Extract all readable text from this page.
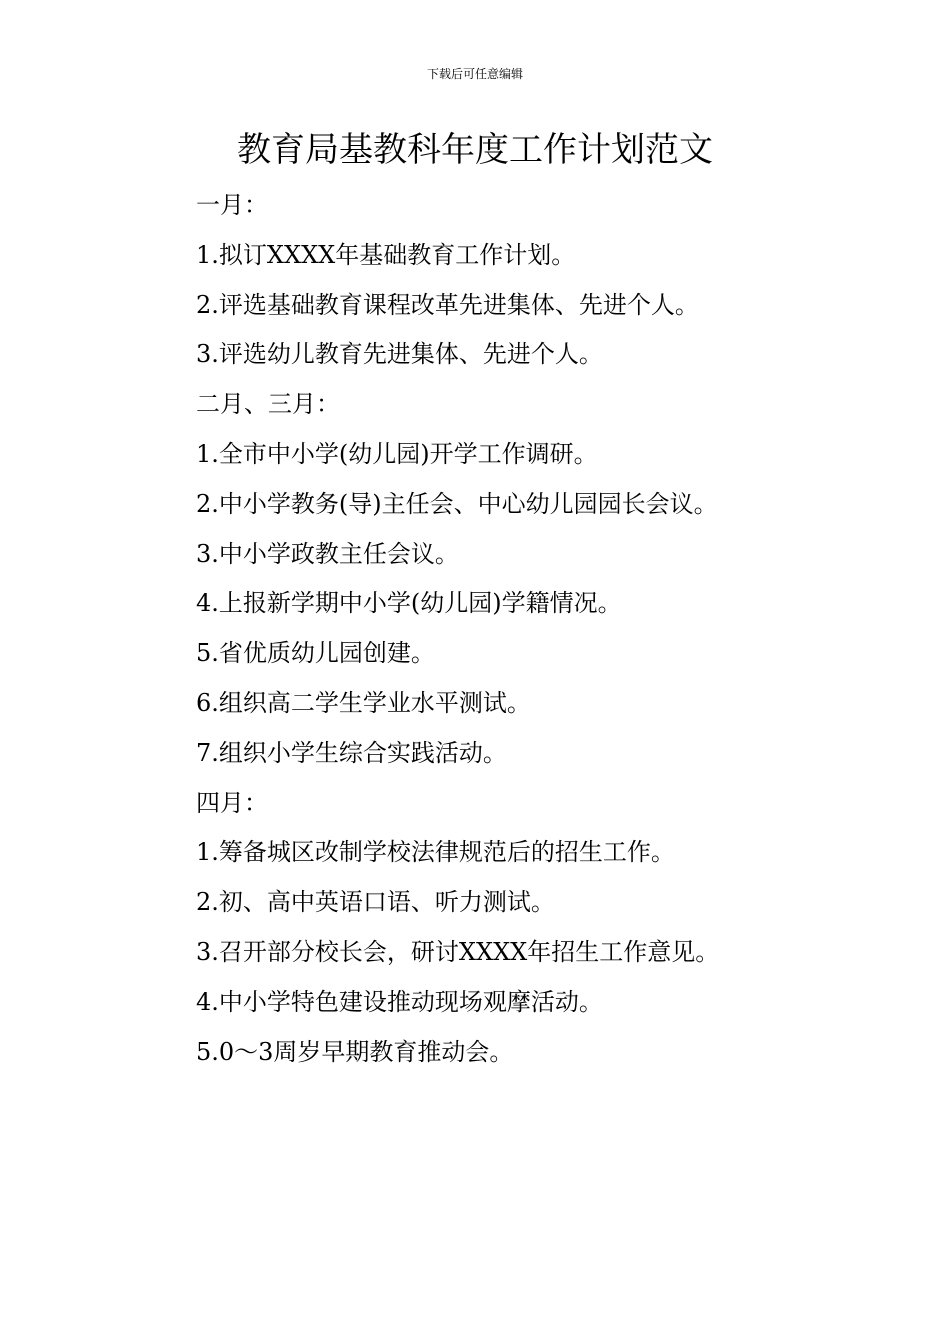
下载后可任意编辑
教育局基教科年度工作计划范文
一月：
1.拟订XXXX年基础教育工作计划。
2.评选基础教育课程改革先进集体、先进个人。
3.评选幼儿教育先进集体、先进个人。
二月、三月：
1.全市中小学(幼儿园)开学工作调研。
2.中小学教务(导)主任会、中心幼儿园园长会议。
3.中小学政教主任会议。
4.上报新学期中小学(幼儿园)学籍情况。
5.省优质幼儿园创建。
6.组织高二学生学业水平测试。
7.组织小学生综合实践活动。
四月：
1.筹备城区改制学校法律规范后的招生工作。
2.初、高中英语口语、听力测试。
3.召开部分校长会，研讨XXXX年招生工作意见。
4.中小学特色建设推动现场观摩活动。
5.0～3周岁早期教育推动会。
